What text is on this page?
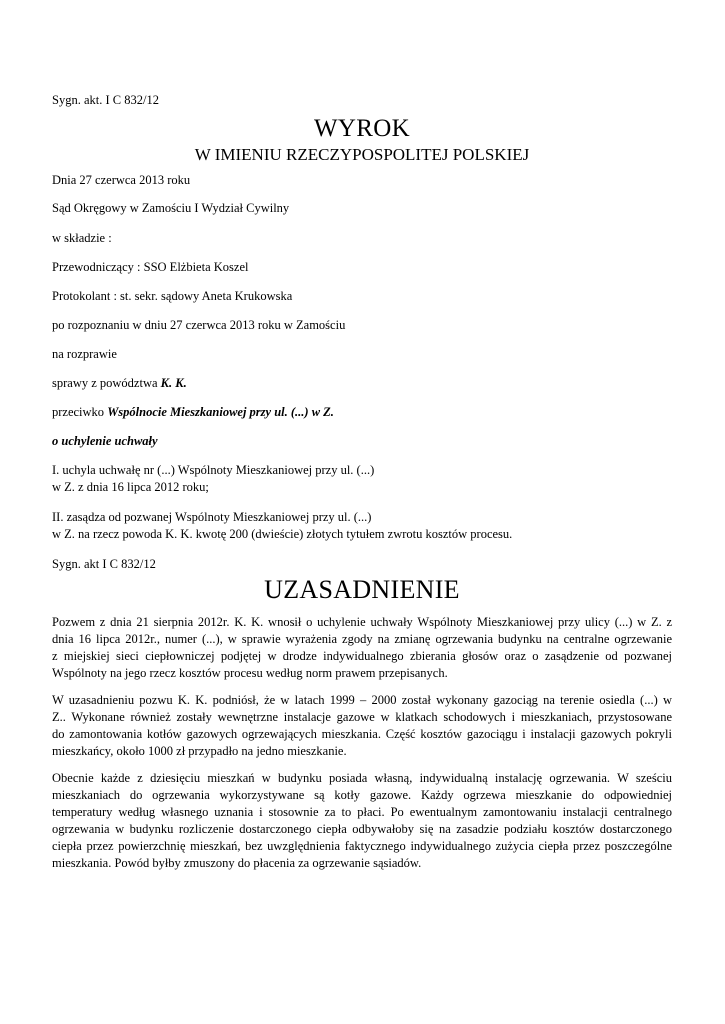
Sygn. akt. I C 832/12
WYROK
W IMIENIU RZECZYPOSPOLITEJ POLSKIEJ
Dnia 27 czerwca 2013 roku
Sąd Okręgowy w Zamościu I Wydział Cywilny
w składzie :
Przewodniczący : SSO Elżbieta Koszel
Protokolant : st. sekr. sądowy Aneta Krukowska
po rozpoznaniu w dniu 27 czerwca 2013 roku w Zamościu
na rozprawie
sprawy z powództwa K. K.
przeciwko Wspólnocie Mieszkaniowej przy ul. (...) w Z.
o uchylenie uchwały
I. uchyla uchwałę nr (...) Wspólnoty Mieszkaniowej przy ul. (...)
w Z. z dnia 16 lipca 2012 roku;
II. zasądza od pozwanej Wspólnoty Mieszkaniowej przy ul. (...)
w Z. na rzecz powoda K. K. kwotę 200 (dwieście) złotych tytułem zwrotu kosztów procesu.
Sygn. akt I C 832/12
UZASADNIENIE
Pozwem z dnia 21 sierpnia 2012r. K. K. wnosił o uchylenie uchwały Wspólnoty Mieszkaniowej przy ulicy (...) w Z. z
dnia 16 lipca 2012r., numer (...), w sprawie wyrażenia zgody na zmianę ogrzewania budynku na centralne ogrzewanie
z miejskiej sieci ciepłowniczej podjętej w drodze indywidualnego zbierania głosów oraz o zasądzenie od pozwanej
Wspólnoty na jego rzecz kosztów procesu według norm prawem przepisanych.
W uzasadnieniu pozwu K. K. podniósł, że w latach 1999 – 2000 został wykonany gazociąg na terenie osiedla (...) w
Z.. Wykonane również zostały wewnętrzne instalacje gazowe w klatkach schodowych i mieszkaniach, przystosowane
do zamontowania kotłów gazowych ogrzewających mieszkania. Część kosztów gazociągu i instalacji gazowych pokryli
mieszkańcy, około 1000 zł przypadło na jedno mieszkanie.
Obecnie każde z dziesięciu mieszkań w budynku posiada własną, indywidualną instalację ogrzewania. W sześciu
mieszkaniach do ogrzewania wykorzystywane są kotły gazowe. Każdy ogrzewa mieszkanie do odpowiedniej
temperatury według własnego uznania i stosownie za to płaci. Po ewentualnym zamontowaniu instalacji centralnego
ogrzewania w budynku rozliczenie dostarczonego ciepła odbywałoby się na zasadzie podziału kosztów dostarczonego
ciepła przez powierzchnię mieszkań, bez uwzględnienia faktycznego indywidualnego zużycia ciepła przez poszczególne
mieszkania. Powód byłby zmuszony do płacenia za ogrzewanie sąsiadów.
